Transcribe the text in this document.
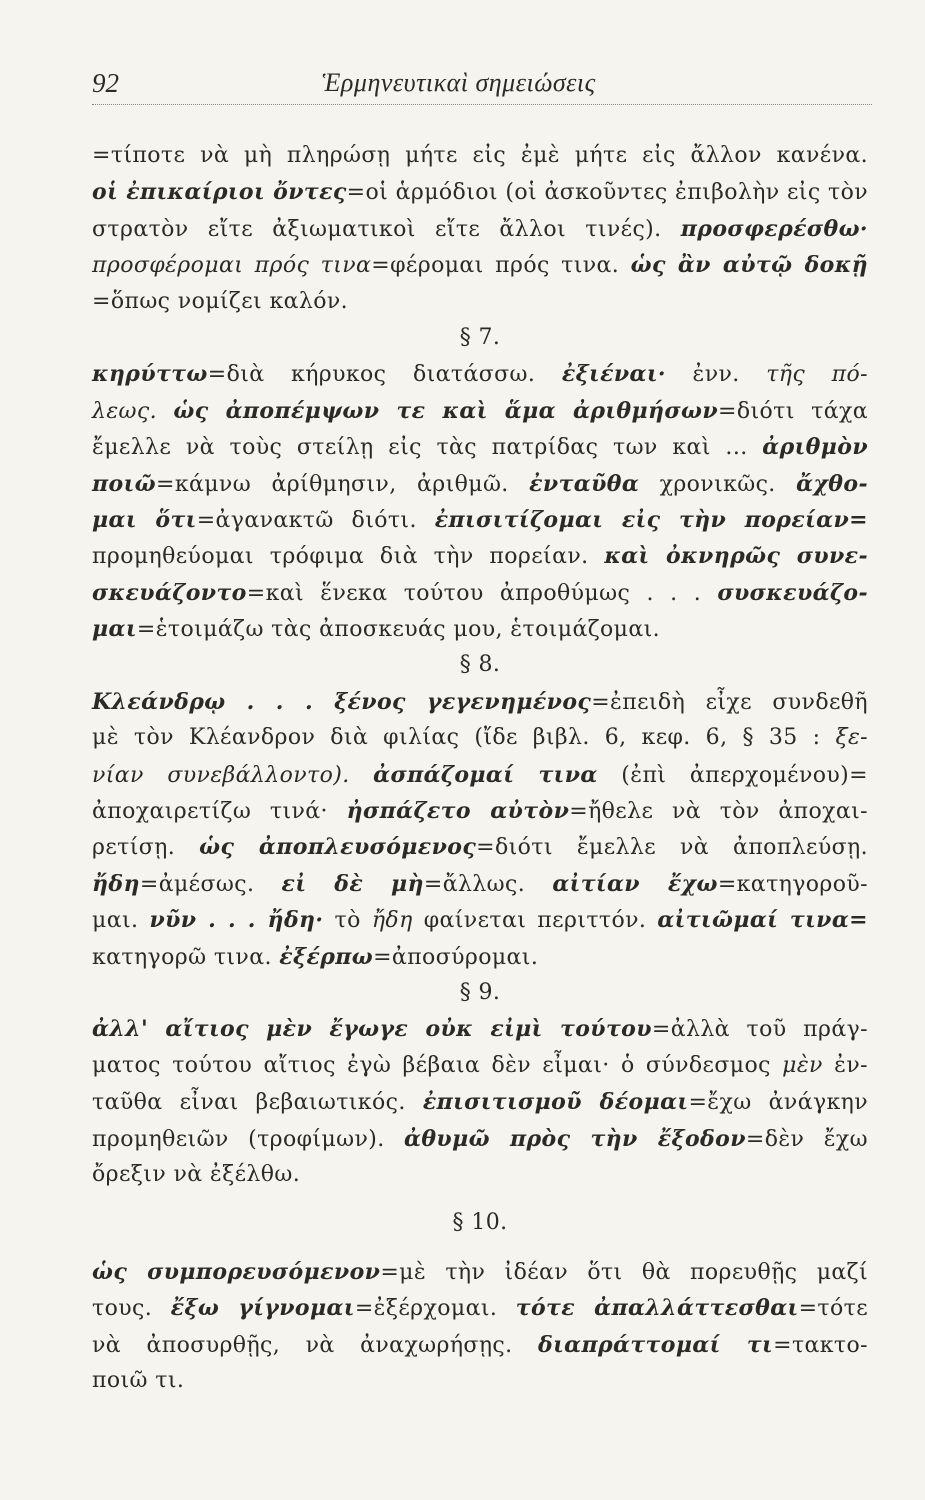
92	Ἑρμηνευτικαὶ σημειώσεις
=τίποτε νὰ μὴ πληρώσῃ μήτε εἰς ἐμὲ μήτε εἰς ἄλλον κανένα.
οἱ ἐπικαίριοι ὄντες=οἱ ἁρμόδιοι (οἱ ἀσκοῦντες ἐπιβολὴν εἰς τὸν
στρατὸν εἴτε ἀξιωματικοὶ εἴτε ἄλλοι τινές). προσφερέσθω·
προσφέρομαι πρός τινα=φέρομαι πρός τινα. ὡς ἂν αὐτῷ δοκῇ
=ὅπως νομίζει καλόν.
§ 7.
κηρύττω=διὰ κήρυκος διατάσσω. ἐξιέναι· ἐνν. τῆς πό-
λεως. ὡς ἀποπέμψων τε καὶ ἅμα ἀριθμήσων=διότι τάχα
ἔμελλε νὰ τοὺς στείλῃ εἰς τὰς πατρίδας των καὶ ... ἀριθμὸν
ποιῶ=κάμνω ἀρίθμησιν, ἀριθμῶ. ἐνταῦθα χρονικῶς. ἄχθο-
μαι ὅτι=ἀγανακτῶ διότι. ἐπισιτίζομαι εἰς τὴν πορείαν=
προμηθεύομαι τρόφιμα διὰ τὴν πορείαν. καὶ ὀκνηρῶς συνε-
σκευάζοντο=καὶ ἕνεκα τούτου ἀπροθύμως . . . συσκευάζο-
μαι=ἑτοιμάζω τὰς ἀποσκευάς μου, ἑτοιμάζομαι.
§ 8.
Κλεάνδρῳ . . . ξένος γεγενημένος=ἐπειδὴ εἶχε συνδεθῆ
μὲ τὸν Κλέανδρον διὰ φιλίας (ἴδε βιβλ. 6, κεφ. 6, § 35 : ξε-
νίαν συνεβάλλοντο). ἀσπάζομαί τινα (ἐπὶ ἀπερχομένου)=
ἀποχαιρετίζω τινά· ἠσπάζετο αὐτὸν=ἤθελε νὰ τὸν ἀποχαι-
ρετίσῃ. ὡς ἀποπλευσόμενος=διότι ἔμελλε νὰ ἀποπλεύσῃ.
ἤδη=ἀμέσως. εἰ δὲ μὴ=ἄλλως. αἰτίαν ἔχω=κατηγοροῦ-
μαι. νῦν . . . ἤδη· τὸ ἤδη φαίνεται περιττόν. αἰτιῶμαί τινα=
κατηγορῶ τινα. ἐξέρπω=ἀποσύρομαι.
§ 9.
ἀλλ' αἴτιος μὲν ἔγωγε οὐκ εἰμὶ τούτου=ἀλλὰ τοῦ πράγ-
ματος τούτου αἴτιος ἐγὼ βέβαια δὲν εἶμαι· ὁ σύνδεσμος μὲν ἐν-
ταῦθα εἶναι βεβαιωτικός. ἐπισιτισμοῦ δέομαι=ἔχω ἀνάγκην
προμηθειῶν (τροφίμων). ἀθυμῶ πρὸς τὴν ἔξοδον=δὲν ἔχω
ὄρεξιν νὰ ἐξέλθω.
§ 10.
ὡς συμπορευσόμενον=μὲ τὴν ἰδέαν ὅτι θὰ πορευθῇς μαζί
τους. ἔξω γίγνομαι=ἐξέρχομαι. τότε ἀπαλλάττεσθαι=τότε
νὰ ἀποσυρθῇς, νὰ ἀναχωρήσῃς. διαπράττομαί τι=τακτο-
ποιῶ τι.
